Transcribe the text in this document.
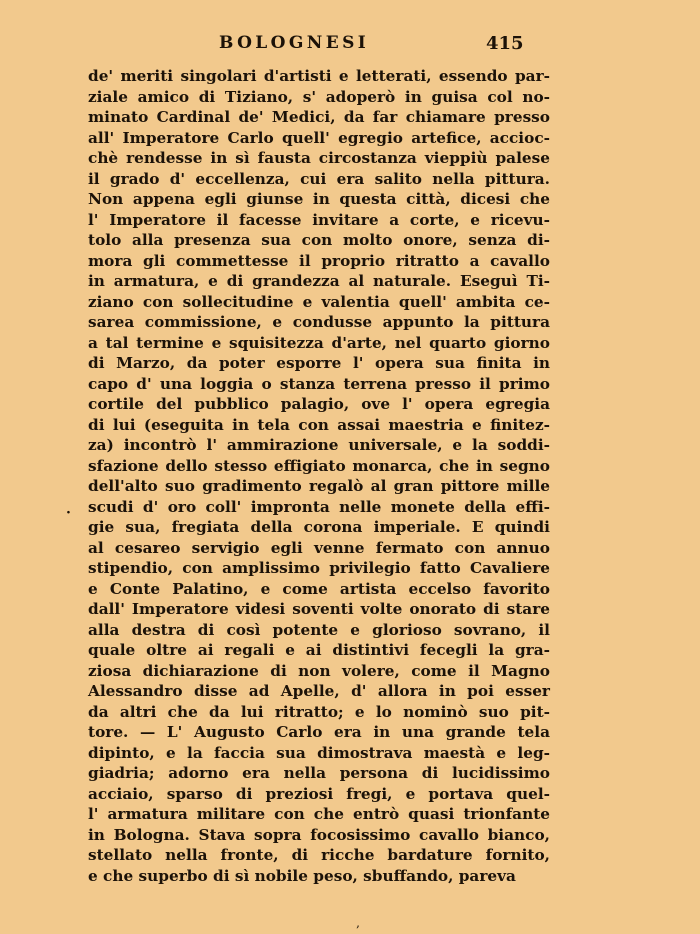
BOLOGNESI	415
de' meriti singolari d'artisti e letterati, essendo par-
ziale amico di Tiziano, s' adoperò in guisa col no-
minato Cardinal de' Medici, da far chiamare presso
all' Imperatore Carlo quell' egregio artefice, accioc-
chè rendesse in sì fausta circostanza vieppiù palese
il grado d' eccellenza, cui era salito nella pittura.
Non appena egli giunse in questa città, dicesi che
l' Imperatore il facesse invitare a corte, e ricevu-
tolo alla presenza sua con molto onore, senza di-
mora gli commettesse il proprio ritratto a cavallo
in armatura, e di grandezza al naturale. Eseguì Ti-
ziano con sollecitudine e valentia quell' ambita ce-
sarea commissione, e condusse appunto la pittura
a tal termine e squisitezza d'arte, nel quarto giorno
di Marzo, da poter esporre l' opera sua finita in
capo d' una loggia o stanza terrena presso il primo
cortile del pubblico palagio, ove l' opera egregia
di lui (eseguita in tela con assai maestria e finitez-
za) incontrò l' ammirazione universale, e la soddi-
sfazione dello stesso effigiato monarca, che in segno
dell'alto suo gradimento regalò al gran pittore mille
scudi d' oro coll' impronta nelle monete della effi-
gie sua, fregiata della corona imperiale. E quindi
al cesareo servigio egli venne fermato con annuo
stipendio, con amplissimo privilegio fatto Cavaliere
e Conte Palatino, e come artista eccelso favorito
dall' Imperatore videsi soventi volte onorato di stare
alla destra di così potente e glorioso sovrano, il
quale oltre ai regali e ai distintivi fecegli la gra-
ziosa dichiarazione di non volere, come il Magno
Alessandro disse ad Apelle, d' allora in poi esser
da altri che da lui ritratto; e lo nominò suo pit-
tore. — L' Augusto Carlo era in una grande tela
dipinto, e la faccia sua dimostrava maestà e leg-
giadria; adorno era nella persona di lucidissimo
acciaio, sparso di preziosi fregi, e portava quel-
l' armatura militare con che entrò quasi trionfante
in Bologna. Stava sopra focosissimo cavallo bianco,
stellato nella fronte, di ricche bardature fornito,
e che superbo di sì nobile peso, sbuffando, pareva
·
‚
